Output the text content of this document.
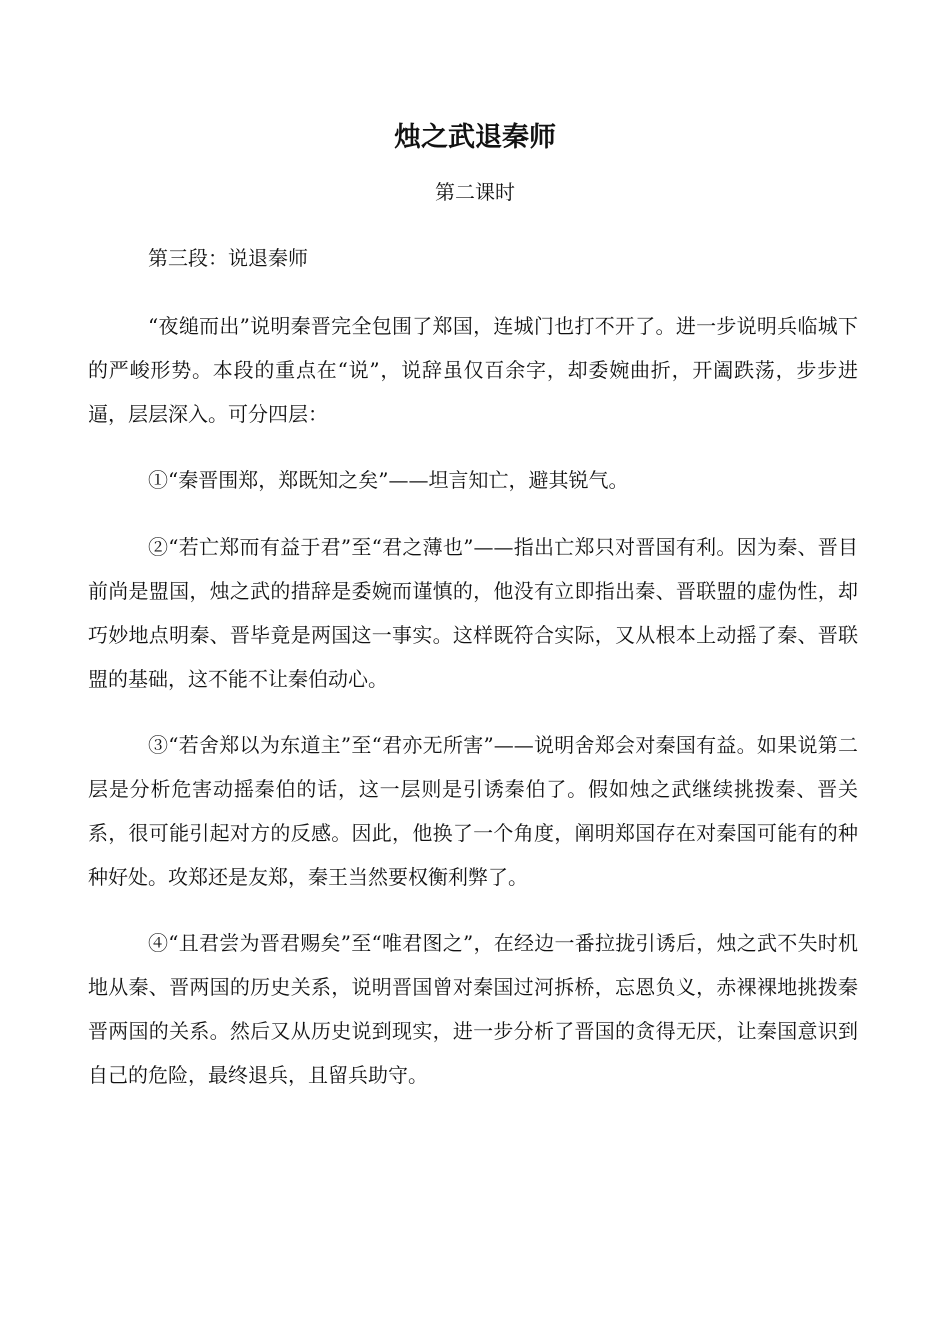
烛之武退秦师
第二课时
第三段：说退秦师

“夜缒而出”说明秦晋完全包围了郑国，连城门也打不开了。进一步说明兵临城下的严峻形势。本段的重点在“说”，说辞虽仅百余字，却委婉曲折，开阖跌荡，步步进逼，层层深入。可分四层：

①“秦晋围郑，郑既知之矣”——坦言知亡，避其锐气。

②“若亡郑而有益于君”至“君之薄也”——指出亡郑只对晋国有利。因为秦、晋目前尚是盟国，烛之武的措辞是委婉而谨慎的，他没有立即指出秦、晋联盟的虚伪性，却巧妙地点明秦、晋毕竟是两国这一事实。这样既符合实际，又从根本上动摇了秦、晋联盟的基础，这不能不让秦伯动心。

③“若舍郑以为东道主”至“君亦无所害”——说明舍郑会对秦国有益。如果说第二层是分析危害动摇秦伯的话，这一层则是引诱秦伯了。假如烛之武继续挑拨秦、晋关系，很可能引起对方的反感。因此，他换了一个角度，阐明郑国存在对秦国可能有的种种好处。攻郑还是友郑，秦王当然要权衡利弊了。

④“且君尝为晋君赐矣”至“唯君图之”，在经边一番拉拢引诱后，烛之武不失时机地从秦、晋两国的历史关系，说明晋国曾对秦国过河拆桥，忘恩负义，赤裸裸地挑拨秦晋两国的关系。然后又从历史说到现实，进一步分析了晋国的贪得无厌，让秦国意识到自己的危险，最终退兵，且留兵助守。
